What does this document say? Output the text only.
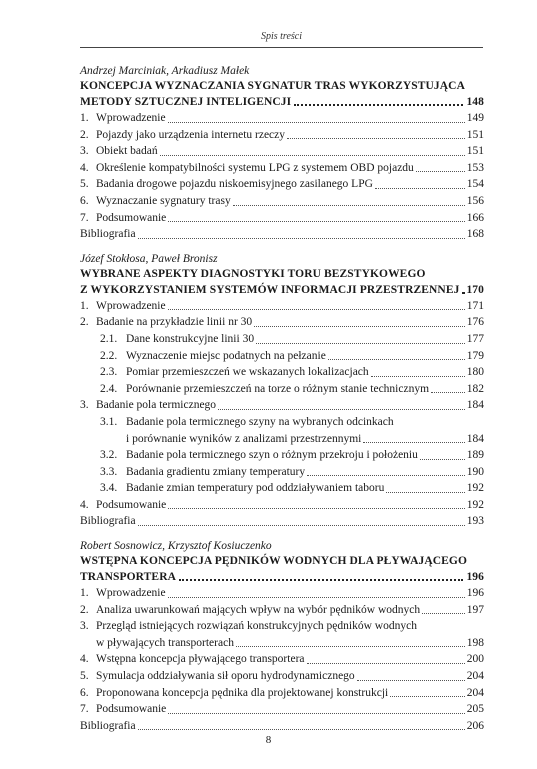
Spis treści
Andrzej Marciniak, Arkadiusz Małek
KONCEPCJA WYZNACZANIA SYGNATUR TRAS WYKORZYSTUJĄCA
METODY SZTUCZNEJ INTELIGENCJI	148
1. Wprowadzenie	149
2. Pojazdy jako urządzenia internetu rzeczy	151
3. Obiekt badań	151
4. Określenie kompatybilności systemu LPG z systemem OBD pojazdu	153
5. Badania drogowe pojazdu niskoemisyjnego zasilanego LPG	154
6. Wyznaczanie sygnatury trasy	156
7. Podsumowanie	166
Bibliografia	168
Józef Stokłosa, Paweł Bronisz
WYBRANE ASPEKTY DIAGNOSTYKI TORU BEZSTYKOWEGO
Z WYKORZYSTANIEM SYSTEMÓW INFORMACJI PRZESTRZENNEJ 170
1. Wprowadzenie	171
2. Badanie na przykładzie linii nr 30	176
2.1. Dane konstrukcyjne linii 30	177
2.2. Wyznaczenie miejsc podatnych na pełzanie	179
2.3. Pomiar przemieszczeń we wskazanych lokalizacjach	180
2.4. Porównanie przemieszczeń na torze o różnym stanie technicznym	182
3. Badanie pola termicznego	184
3.1. Badanie pola termicznego szyny na wybranych odcinkach
i porównanie wyników z analizami przestrzennymi	184
3.2. Badanie pola termicznego szyn o różnym przekroju i położeniu	189
3.3. Badania gradientu zmiany temperatury	190
3.4. Badanie zmian temperatury pod oddziaływaniem taboru	192
4. Podsumowanie	192
Bibliografia	193
Robert Sosnowicz, Krzysztof Kosiuczenko
WSTĘPNA KONCEPCJA PĘDNIKÓW WODNYCH DLA PŁYWAJĄCEGO
TRANSPORTERA	196
1. Wprowadzenie	196
2. Analiza uwarunkowań mających wpływ na wybór pędników wodnych	197
3. Przegląd istniejących rozwiązań konstrukcyjnych pędników wodnych
w pływających transporterach	198
4. Wstępna koncepcja pływającego transportera	200
5. Symulacja oddziaływania sił oporu hydrodynamicznego	204
6. Proponowana koncepcja pędnika dla projektowanej konstrukcji	204
7. Podsumowanie	205
Bibliografia	206
8
